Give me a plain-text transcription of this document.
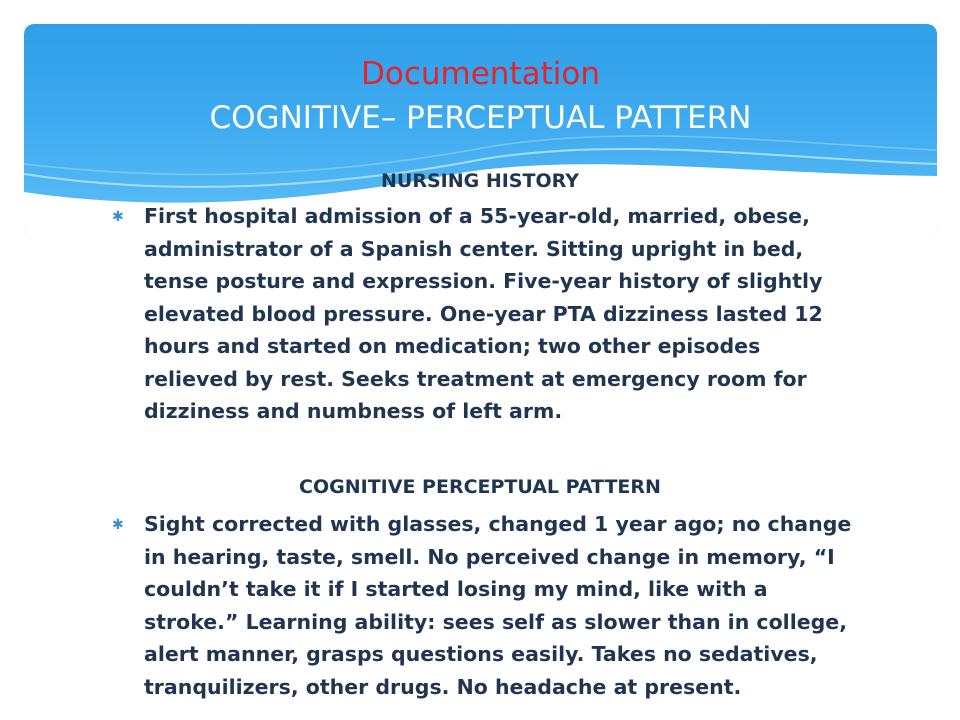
Documentation
COGNITIVE– PERCEPTUAL PATTERN
NURSING HISTORY
✱ First hospital admission of a 55-year-old, married, obese, administrator of a Spanish center. Sitting upright in bed, tense posture and expression. Five-year history of slightly elevated blood pressure. One-year PTA dizziness lasted 12 hours and started on medication; two other episodes relieved by rest. Seeks treatment at emergency room for dizziness and numbness of left arm.
COGNITIVE PERCEPTUAL PATTERN
✱ Sight corrected with glasses, changed 1 year ago; no change in hearing, taste, smell. No perceived change in memory, “I couldn’t take it if I started losing my mind, like with a stroke.” Learning ability: sees self as slower than in college, alert manner, grasps questions easily. Takes no sedatives, tranquilizers, other drugs. No headache at present.
